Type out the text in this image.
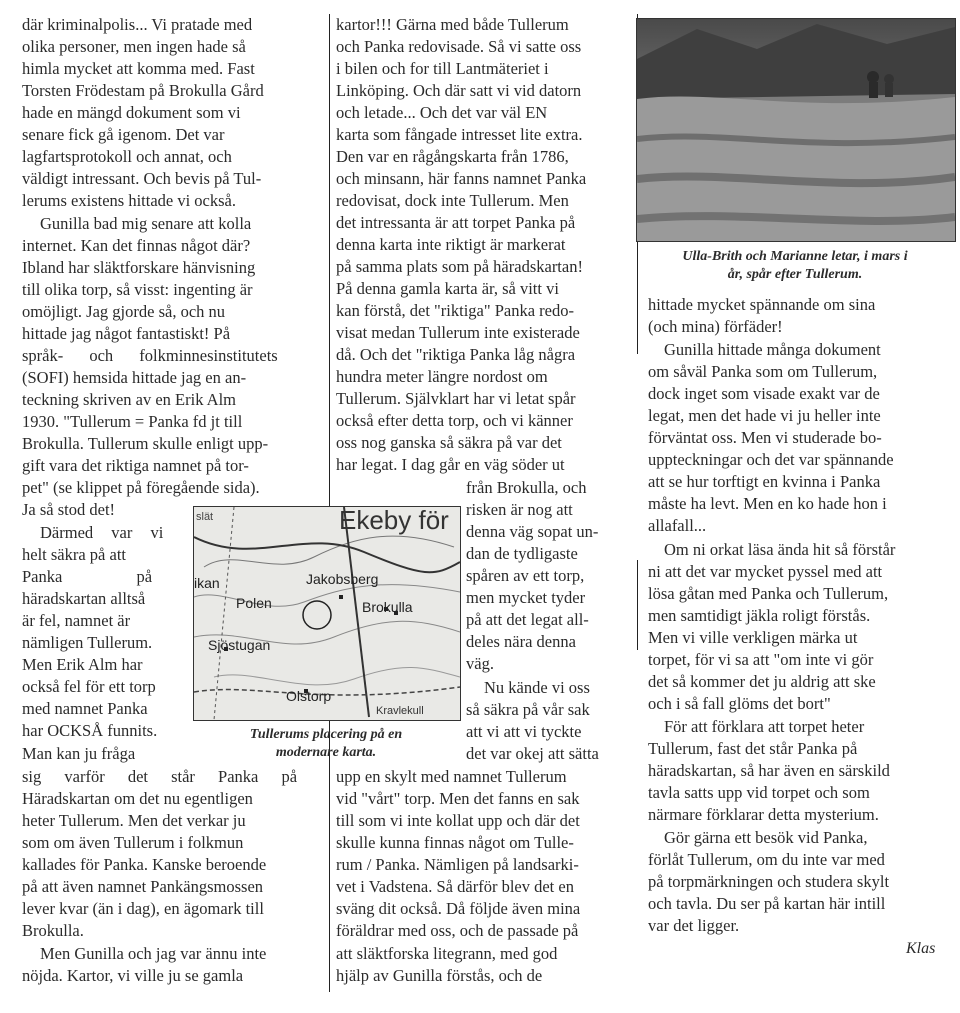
där kriminalpolis... Vi pratade med
olika personer, men ingen hade så
himla mycket att komma med. Fast
Torsten Frödestam på Brokulla Gård
hade en mängd dokument som vi
senare fick gå igenom. Det var
lagfartsprotokoll och annat, och
väldigt intressant. Och bevis på Tul-
lerums existens hittade vi också.
Gunilla bad mig senare att kolla
internet. Kan det finnas något där?
Ibland har släktforskare hänvisning
till olika torp, så visst: ingenting är
omöjligt. Jag gjorde så, och nu
hittade jag något fantastiskt! På
språk- och folkminnesinstitutets
(SOFI) hemsida hittade jag en an-
teckning skriven av en Erik Alm
1930. "Tullerum = Panka fd jt till
Brokulla. Tullerum skulle enligt upp-
gift vara det riktiga namnet på tor-
pet" (se klippet på föregående sida).
Ja så stod det!
Därmed var vi
helt säkra på att
Panka på
häradskartan alltså
är fel, namnet är
nämligen Tullerum.
Men Erik Alm har
också fel för ett torp
med namnet Panka
har OCKSÅ funnits.
Man kan ju fråga
sig varför det står Panka på
Häradskartan om det nu egentligen
heter Tullerum. Men det verkar ju
som om även Tullerum i folkmun
kallades för Panka. Kanske beroende
på att även namnet Pankängsmossen
lever kvar (än i dag), en ägomark till
Brokulla.
Men Gunilla och jag var ännu inte
nöjda. Kartor, vi ville ju se gamla
Ekeby för
Jakobsberg
Brokulla
Polen
ikan
Sjöstugan
Olstorp
slät
Kravlekull
Tullerums placering på en
modernare karta.
kartor!!! Gärna med både Tullerum
och Panka redovisade. Så vi satte oss
i bilen och for till Lantmäteriet i
Linköping. Och där satt vi vid datorn
och letade... Och det var väl EN
karta som fångade intresset lite extra.
Den var en rågångskarta från 1786,
och minsann, här fanns namnet Panka
redovisat, dock inte Tullerum. Men
det intressanta är att torpet Panka på
denna karta inte riktigt är markerat
på samma plats som på häradskartan!
På denna gamla karta är, så vitt vi
kan förstå, det "riktiga" Panka redo-
visat medan Tullerum inte existerade
då. Och det "riktiga Panka låg några
hundra meter längre nordost om
Tullerum. Självklart har vi letat spår
också efter detta torp, och vi känner
oss nog ganska så säkra på var det
har legat. I dag går en väg söder ut
från Brokulla, och
risken är nog att
denna väg sopat un-
dan de tydligaste
spåren av ett torp,
men mycket tyder
på att det legat all-
deles nära denna
väg.
Nu kände vi oss
så säkra på vår sak
att vi att vi tyckte
det var okej att sätta
upp en skylt med namnet Tullerum
vid "vårt" torp. Men det fanns en sak
till som vi inte kollat upp och där det
skulle kunna finnas något om Tulle-
rum / Panka. Nämligen på landsarki-
vet i Vadstena. Så därför blev det en
sväng dit också. Då följde även mina
föräldrar med oss, och de passade på
att släktforska litegrann, med god
hjälp av Gunilla förstås, och de
Ulla-Brith och Marianne letar, i mars i
år, spår efter Tullerum.
hittade mycket spännande om sina
(och mina) förfäder!
Gunilla hittade många dokument
om såväl Panka som om Tullerum,
dock inget som visade exakt var de
legat, men det hade vi ju heller inte
förväntat oss. Men vi studerade bo-
uppteckningar och det var spännande
att se hur torftigt en kvinna i Panka
måste ha levt. Men en ko hade hon i
allafall...
Om ni orkat läsa ända hit så förstår
ni att det var mycket pyssel med att
lösa gåtan med Panka och Tullerum,
men samtidigt jäkla roligt förstås.
Men vi ville verkligen märka ut
torpet, för vi sa att "om inte vi gör
det så kommer det ju aldrig att ske
och i så fall glöms det bort"
För att förklara att torpet heter
Tullerum, fast det står Panka på
häradskartan, så har även en särskild
tavla satts upp vid torpet och som
närmare förklarar detta mysterium.
Gör gärna ett besök vid Panka,
förlåt Tullerum, om du inte var med
på torpmärkningen och studera skylt
och tavla. Du ser på kartan här intill
var det ligger.
Klas
